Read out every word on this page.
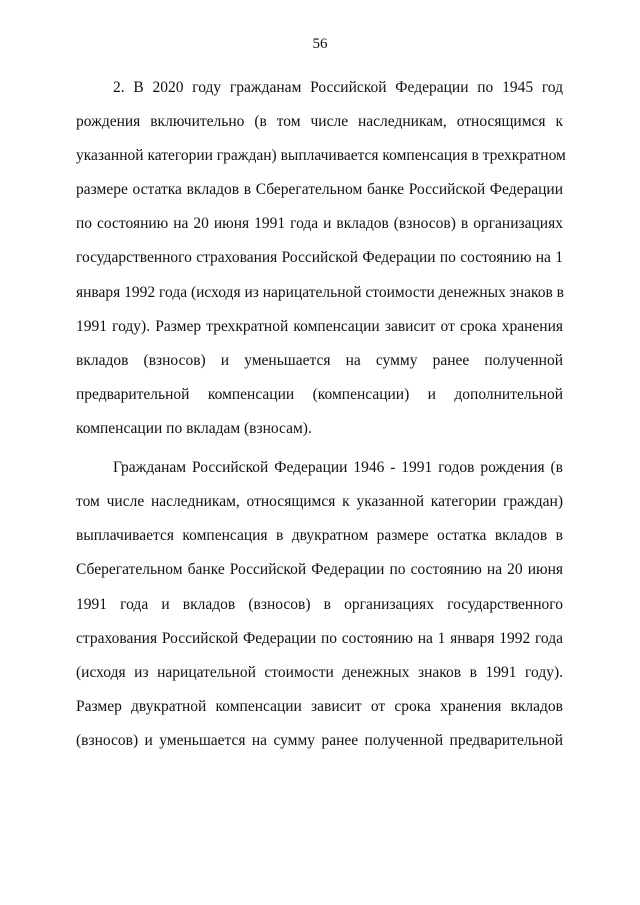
56
2. В 2020 году гражданам Российской Федерации по 1945 год
рождения включительно (в том числе наследникам, относящимся к
указанной категории граждан) выплачивается компенсация в трехкратном
размере остатка вкладов в Сберегательном банке Российской Федерации
по состоянию на 20 июня 1991 года и вкладов (взносов) в организациях
государственного страхования Российской Федерации по состоянию на 1
января 1992 года (исходя из нарицательной стоимости денежных знаков в
1991 году). Размер трехкратной компенсации зависит от срока хранения
вкладов (взносов) и уменьшается на сумму ранее полученной
предварительной компенсации (компенсации) и дополнительной
компенсации по вкладам (взносам).
Гражданам Российской Федерации 1946 - 1991 годов рождения (в
том числе наследникам, относящимся к указанной категории граждан)
выплачивается компенсация в двукратном размере остатка вкладов в
Сберегательном банке Российской Федерации по состоянию на 20 июня
1991 года и вкладов (взносов) в организациях государственного
страхования Российской Федерации по состоянию на 1 января 1992 года
(исходя из нарицательной стоимости денежных знаков в 1991 году).
Размер двукратной компенсации зависит от срока хранения вкладов
(взносов) и уменьшается на сумму ранее полученной предварительной
